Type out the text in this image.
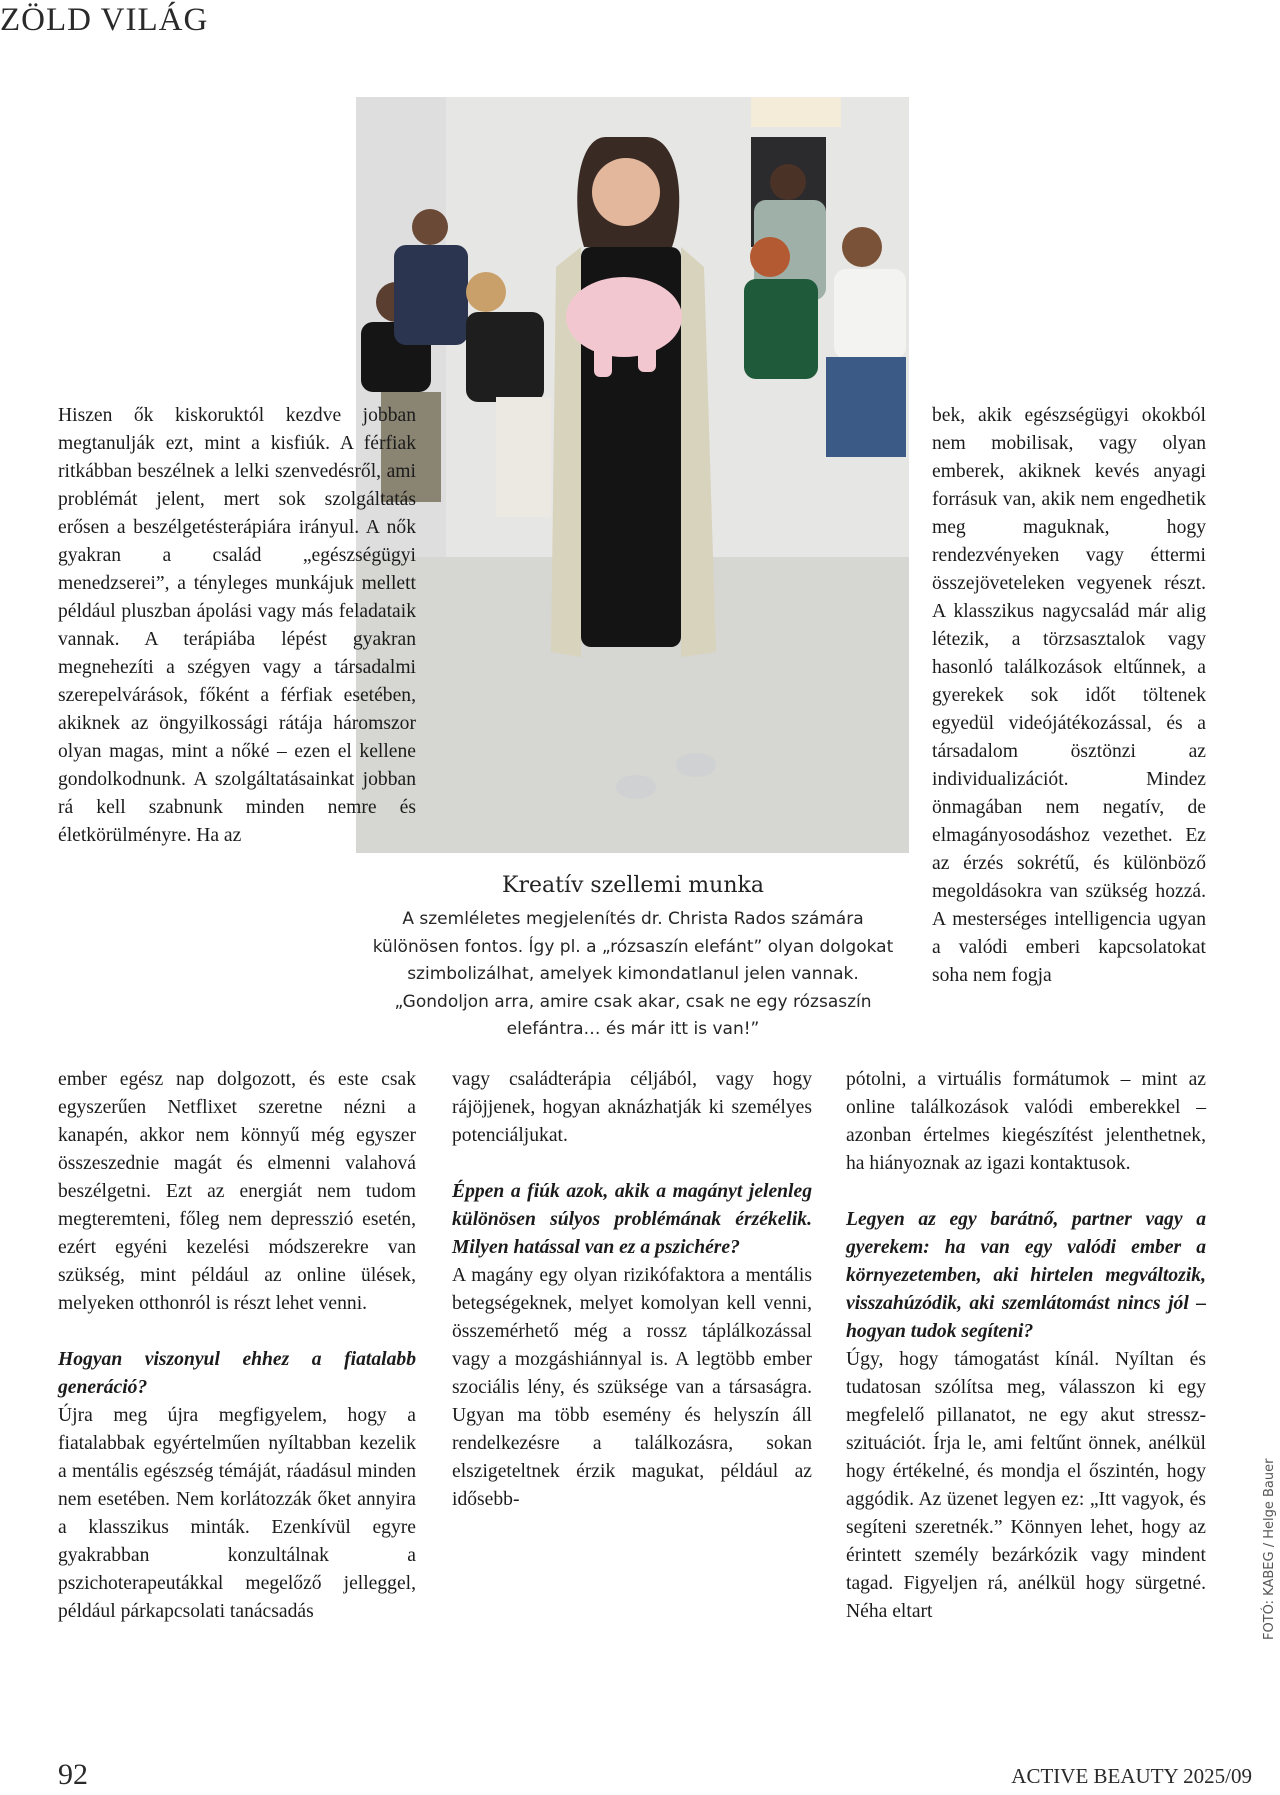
ZÖLD VILÁG
Kreatív szellemi munka
A szemléletes megjelenítés dr. Christa Rados számára különösen fontos. Így pl. a „rózsaszín elefánt” olyan dolgokat szimbolizálhat, amelyek kimondatlanul jelen vannak. „Gondoljon arra, amire csak akar, csak ne egy rózsaszín elefántra… és már itt is van!”

Hiszen ők kiskoruktól kezdve jobban megtanulják ezt, mint a kisfiúk. A férfiak ritkábban beszélnek a lelki szenvedésről, ami problémát jelent, mert sok szolgáltatás erősen a beszélgetésterápiára irányul. A nők gyakran a család „egészségügyi menedzserei”, a tényleges munkájuk mellett például pluszban ápolási vagy más feladataik vannak. A terápiába lépést gyakran megnehezíti a szégyen vagy a társadalmi szerepelvárások, főként a férfiak esetében, akiknek az öngyilkossági rátája háromszor olyan magas, mint a nőké – ezen el kellene gondolkodnunk. A szolgáltatásainkat jobban rá kell szabnunk minden nemre és életkörülményre. Ha az

ember egész nap dolgozott, és este csak egyszerűen Netflixet szeretne nézni a kanapén, akkor nem könnyű még egyszer összeszednie magát és elmenni valahová beszélgetni. Ezt az energiát nem tudom megteremteni, főleg nem depresszió esetén, ezért egyéni kezelési módszerekre van szükség, mint például az online ülések, melyeken otthonról is részt lehet venni.

Hogyan viszonyul ehhez a fiatalabb generáció?

Újra meg újra megfigyelem, hogy a fiatalabbak egyértelműen nyíltabban kezelik a mentális egészség témáját, ráadásul minden nem esetében. Nem korlátozzák őket annyira a klasszikus minták. Ezenkívül egyre gyakrabban konzultálnak a pszichoterapeutákkal megelőző jelleggel, például párkapcsolati tanácsadás

vagy családterápia céljából, vagy hogy rájöjjenek, hogyan aknázhatják ki személyes potenciáljukat.

Éppen a fiúk azok, akik a magányt jelenleg különösen súlyos problémának érzékelik. Milyen hatással van ez a pszichére?

A magány egy olyan rizikófaktora a mentális betegségeknek, melyet komolyan kell venni, összemérhető még a rossz táplálkozással vagy a mozgáshiánnyal is. A legtöbb ember szociális lény, és szüksége van a társaságra. Ugyan ma több esemény és helyszín áll rendelkezésre a találkozásra, sokan elszigeteltnek érzik magukat, például az idősebb-

bek, akik egészségügyi okokból nem mobilisak, vagy olyan emberek, akiknek kevés anyagi forrásuk van, akik nem engedhetik meg maguknak, hogy rendezvényeken vagy éttermi összejöveteleken vegyenek részt. A klasszikus nagycsalád már alig létezik, a törzsasztalok vagy hasonló találkozások eltűnnek, a gyerekek sok időt töltenek egyedül videójátékozással, és a társadalom ösztönzi az individualizációt. Mindez önmagában nem negatív, de elmagányosodáshoz vezethet. Ez az érzés sokrétű, és különböző megoldásokra van szükség hozzá. A mesterséges intelligencia ugyan a valódi emberi kapcsolatokat soha nem fogja

pótolni, a virtuális formátumok – mint az online találkozások valódi emberekkel – azonban értelmes kiegészítést jelenthetnek, ha hiányoznak az igazi kontaktusok.

Legyen az egy barátnő, partner vagy a gyerekem: ha van egy valódi ember a környezetemben, aki hirtelen megváltozik, visszahúzódik, aki szemlátomást nincs jól – hogyan tudok segíteni?

Úgy, hogy támogatást kínál. Nyíltan és tudatosan szólítsa meg, válasszon ki egy megfelelő pillanatot, ne egy akut stressz-szituációt. Írja le, ami feltűnt önnek, anélkül hogy értékelné, és mondja el őszintén, hogy aggódik. Az üzenet legyen ez: „Itt vagyok, és segíteni szeretnék.” Könnyen lehet, hogy az érintett személy bezárkózik vagy mindent tagad. Figyeljen rá, anélkül hogy sürgetné. Néha eltart	FOTÓ: KABEG / Helge Bauer
92	ACTIVE BEAUTY 2025/09
